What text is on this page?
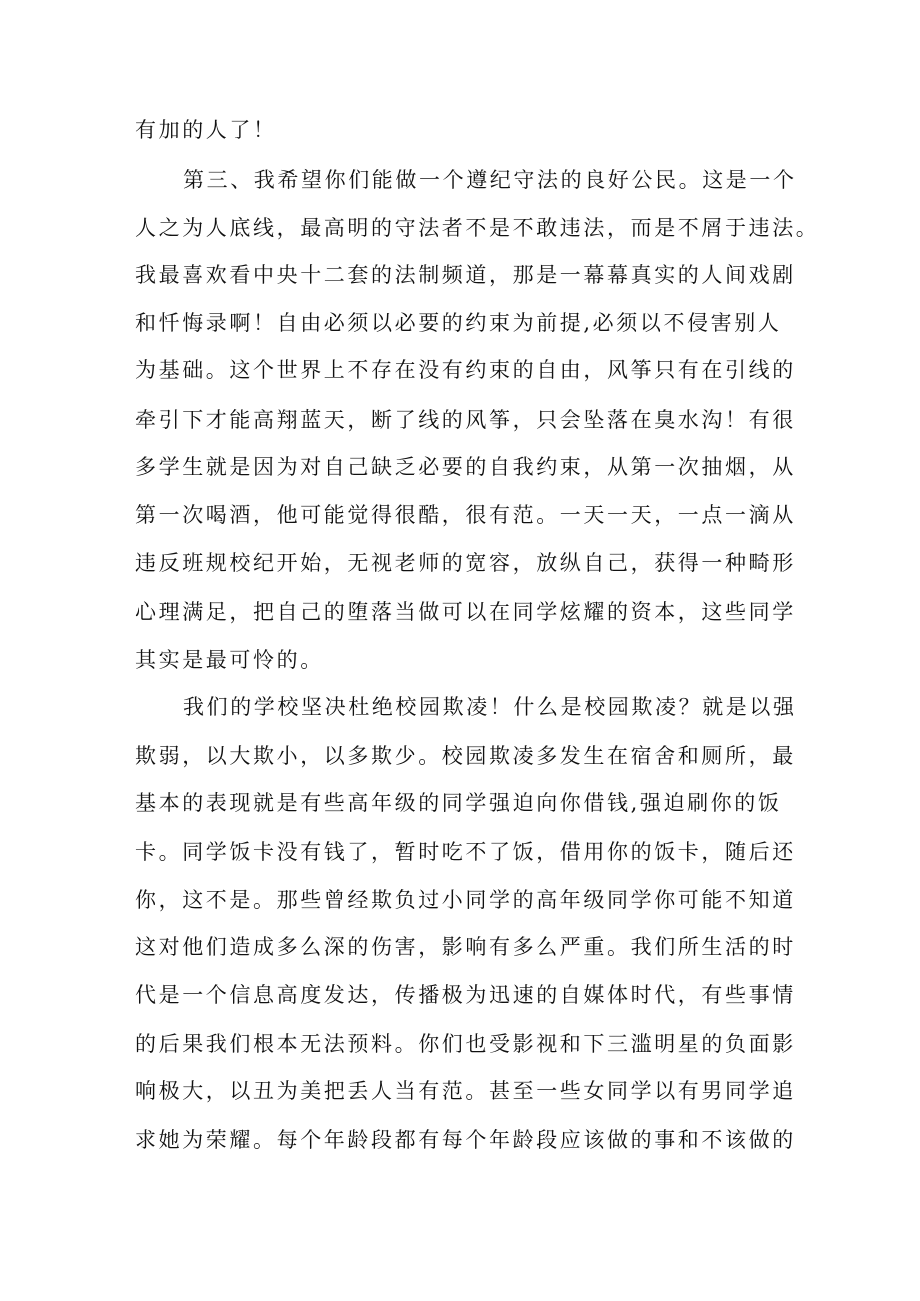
有加的人了！
第三、我希望你们能做一个遵纪守法的良好公民。这是一个
人之为人底线，最高明的守法者不是不敢违法，而是不屑于违法。
我最喜欢看中央十二套的法制频道，那是一幕幕真实的人间戏剧
和忏悔录啊！自由必须以必要的约束为前提,必须以不侵害别人
为基础。这个世界上不存在没有约束的自由，风筝只有在引线的
牵引下才能高翔蓝天，断了线的风筝，只会坠落在臭水沟！有很
多学生就是因为对自己缺乏必要的自我约束，从第一次抽烟，从
第一次喝酒，他可能觉得很酷，很有范。一天一天，一点一滴从
违反班规校纪开始，无视老师的宽容，放纵自己，获得一种畸形
心理满足，把自己的堕落当做可以在同学炫耀的资本，这些同学
其实是最可怜的。
我们的学校坚决杜绝校园欺凌！什么是校园欺凌？就是以强
欺弱，以大欺小，以多欺少。校园欺凌多发生在宿舍和厕所，最
基本的表现就是有些高年级的同学强迫向你借钱,强迫刷你的饭
卡。同学饭卡没有钱了，暂时吃不了饭，借用你的饭卡，随后还
你，这不是。那些曾经欺负过小同学的高年级同学你可能不知道
这对他们造成多么深的伤害，影响有多么严重。我们所生活的时
代是一个信息高度发达，传播极为迅速的自媒体时代，有些事情
的后果我们根本无法预料。你们也受影视和下三滥明星的负面影
响极大，以丑为美把丢人当有范。甚至一些女同学以有男同学追
求她为荣耀。每个年龄段都有每个年龄段应该做的事和不该做的
